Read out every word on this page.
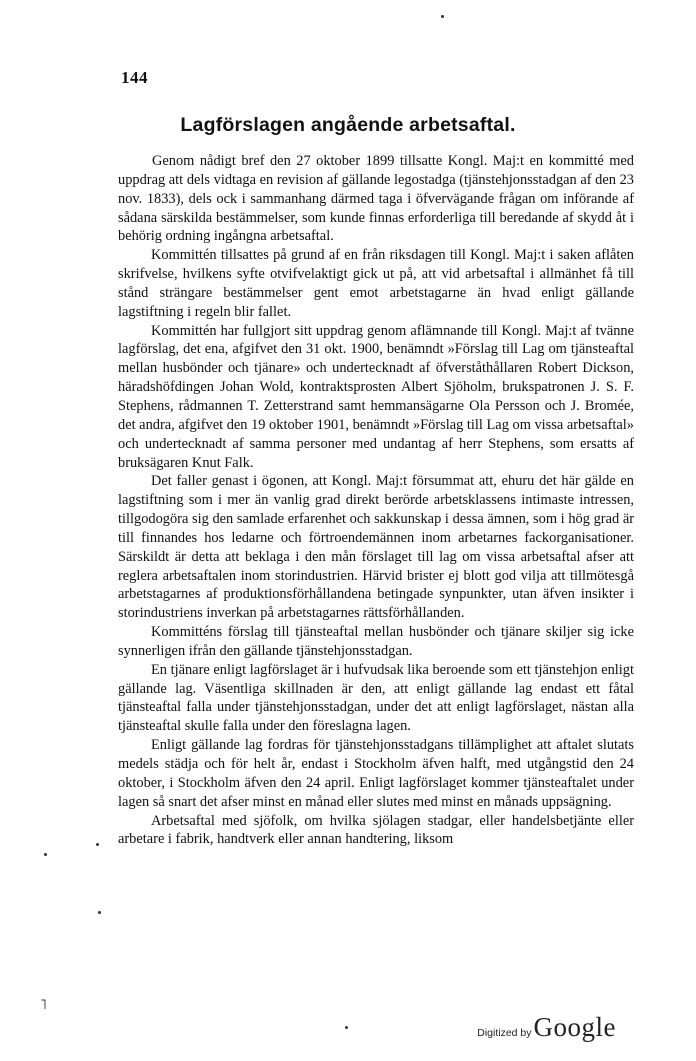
144
Lagförslagen angående arbetsaftal.

Genom nådigt bref den 27 oktober 1899 tillsatte Kongl. Maj:t en kommitté med uppdrag att dels vidtaga en revision af gällande legostadga (tjänstehjonsstadgan af den 23 nov. 1833), dels ock i sammanhang därmed taga i öfvervägande frågan om införande af sådana särskilda bestämmelser, som kunde finnas erforderliga till beredande af skydd åt i behörig ordning ingångna arbetsaftal.

Kommittén tillsattes på grund af en från riksdagen till Kongl. Maj:t i saken aflåten skrifvelse, hvilkens syfte otvifvelaktigt gick ut på, att vid arbetsaftal i allmänhet få till stånd strängare bestämmelser gent emot arbetstagarne än hvad enligt gällande lagstiftning i regeln blir fallet.

Kommittén har fullgjort sitt uppdrag genom aflämnande till Kongl. Maj:t af tvänne lagförslag, det ena, afgifvet den 31 okt. 1900, benämndt »Förslag till Lag om tjänsteaftal mellan husbönder och tjänare» och undertecknadt af öfverståthållaren Robert Dickson, häradshöfdingen Johan Wold, kontraktsprosten Albert Sjöholm, brukspatronen J. S. F. Stephens, rådmannen T. Zetterstrand samt hemmansägarne Ola Persson och J. Bromée, det andra, afgifvet den 19 oktober 1901, benämndt »Förslag till Lag om vissa arbetsaftal» och undertecknadt af samma personer med undantag af herr Stephens, som ersatts af bruksägaren Knut Falk.

Det faller genast i ögonen, att Kongl. Maj:t försummat att, ehuru det här gälde en lagstiftning som i mer än vanlig grad direkt berörde arbetsklassens intimaste intressen, tillgodogöra sig den samlade erfarenhet och sakkunskap i dessa ämnen, som i hög grad är till finnandes hos ledarne och förtroendemännen inom arbetarnes fackorganisationer. Särskildt är detta att beklaga i den mån förslaget till lag om vissa arbetsaftal afser att reglera arbetsaftalen inom storindustrien. Härvid brister ej blott god vilja att tillmötesgå arbetstagarnes af produktionsförhållandena betingade synpunkter, utan äfven insikter i storindustriens inverkan på arbetstagarnes rättsförhållanden.

Kommitténs förslag till tjänsteaftal mellan husbönder och tjänare skiljer sig icke synnerligen ifrån den gällande tjänstehjonsstadgan.

En tjänare enligt lagförslaget är i hufvudsak lika beroende som ett tjänstehjon enligt gällande lag. Väsentliga skillnaden är den, att enligt gällande lag endast ett fåtal tjänsteaftal falla under tjänstehjonsstadgan, under det att enligt lagförslaget, nästan alla tjänsteaftal skulle falla under den föreslagna lagen.

Enligt gällande lag fordras för tjänstehjonsstadgans tillämplighet att aftalet slutats medels städja och för helt år, endast i Stockholm äfven halft, med utgångstid den 24 oktober, i Stockholm äfven den 24 april. Enligt lagförslaget kommer tjänsteaftalet under lagen så snart det afser minst en månad eller slutes med minst en månads uppsägning.

Arbetsaftal med sjöfolk, om hvilka sjölagen stadgar, eller handelsbetjänte eller arbetare i fabrik, handtverk eller annan handtering, liksom

˥
Digitized by Google
